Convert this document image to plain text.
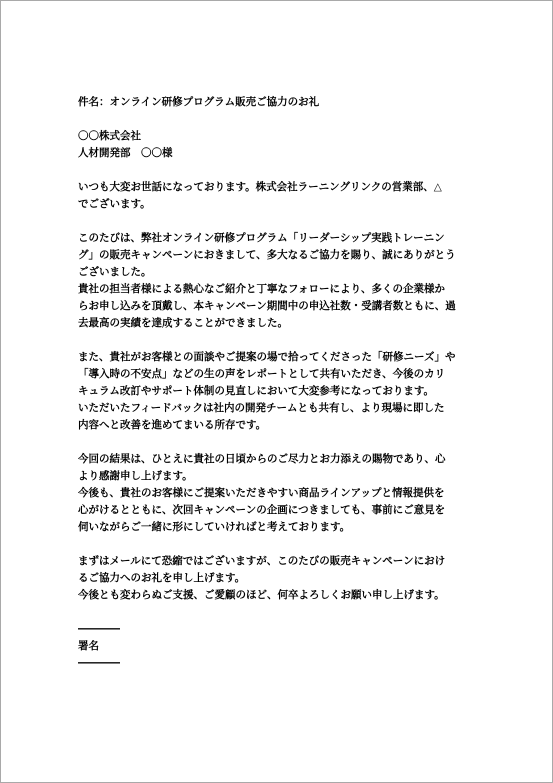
件名：オンライン研修プログラム販売ご協力のお礼
〇〇株式会社
人材開発部　〇〇様
いつも大変お世話になっております。株式会社ラーニングリンクの営業部、△
でございます。
このたびは、弊社オンライン研修プログラム「リーダーシップ実践トレーニン
グ」の販売キャンペーンにおきまして、多大なるご協力を賜り、誠にありがとう
ございました。
貴社の担当者様による熱心なご紹介と丁寧なフォローにより、多くの企業様か
らお申し込みを頂戴し、本キャンペーン期間中の申込社数・受講者数ともに、過
去最高の実績を達成することができました。
また、貴社がお客様との面談やご提案の場で拾ってくださった「研修ニーズ」や
「導入時の不安点」などの生の声をレポートとして共有いただき、今後のカリ
キュラム改訂やサポート体制の見直しにおいて大変参考になっております。
いただいたフィードバックは社内の開発チームとも共有し、より現場に即した
内容へと改善を進めてまいる所存です。
今回の結果は、ひとえに貴社の日頃からのご尽力とお力添えの賜物であり、心
より感謝申し上げます。
今後も、貴社のお客様にご提案いただきやすい商品ラインアップと情報提供を
心がけるとともに、次回キャンペーンの企画につきましても、事前にご意見を
伺いながらご一緒に形にしていければと考えております。
まずはメールにて恐縮ではございますが、このたびの販売キャンペーンにおけ
るご協力へのお礼を申し上げます。
今後とも変わらぬご支援、ご愛顧のほど、何卒よろしくお願い申し上げます。
――――
署名
――――
